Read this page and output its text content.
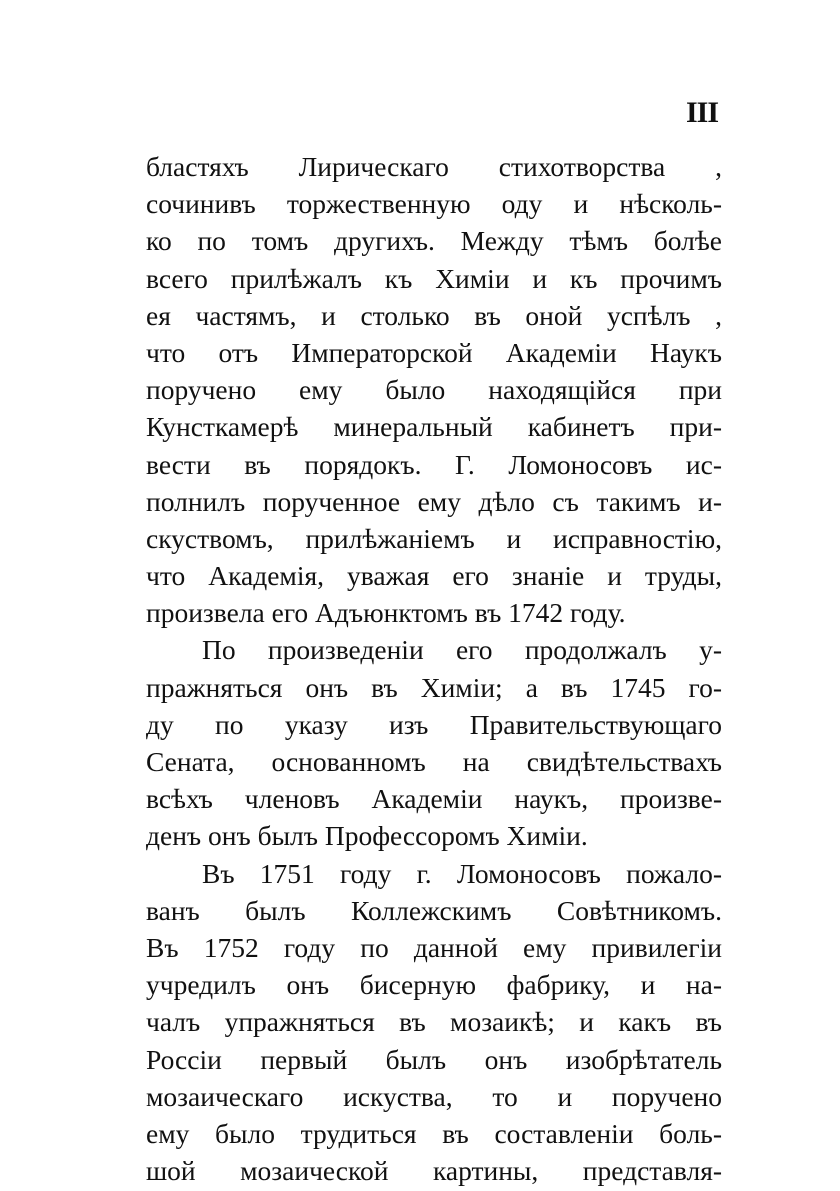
III
бластяхъ Лирическаго стихотворства ,
сочинивъ торжественную оду и нѣсколь-
ко по томъ другихъ. Между тѣмъ болѣе
всего прилѣжалъ къ Химіи и къ прочимъ
ея частямъ, и столько въ оной успѣлъ ,
что отъ Императорской Академіи Наукъ
поручено ему было находящійся при
Кунсткамерѣ минеральный кабинетъ при-
вести въ порядокъ. Г. Ломоносовъ ис-
полнилъ порученное ему дѣло съ такимъ и-
скуствомъ, прилѣжаніемъ и исправностію,
что Академія, уважая его знаніе и труды,
произвела его Адъюнктомъ въ 1742 году.
По произведеніи его продолжалъ у-
пражняться онъ въ Химіи; а въ 1745 го-
ду по указу изъ Правительствующаго
Сената, основанномъ на свидѣтельствахъ
всѣхъ членовъ Академіи наукъ, произве-
денъ онъ былъ Профессоромъ Химіи.
Въ 1751 году г. Ломоносовъ пожало-
ванъ былъ Коллежскимъ Совѣтникомъ.
Въ 1752 году по данной ему привилегіи
учредилъ онъ бисерную фабрику, и на-
чалъ упражняться въ мозаикѣ; и какъ въ
Россіи первый былъ онъ изобрѣтатель
мозаическаго искуства, то и поручено
ему было трудиться въ составленіи боль-
шой мозаической картины, представля-
